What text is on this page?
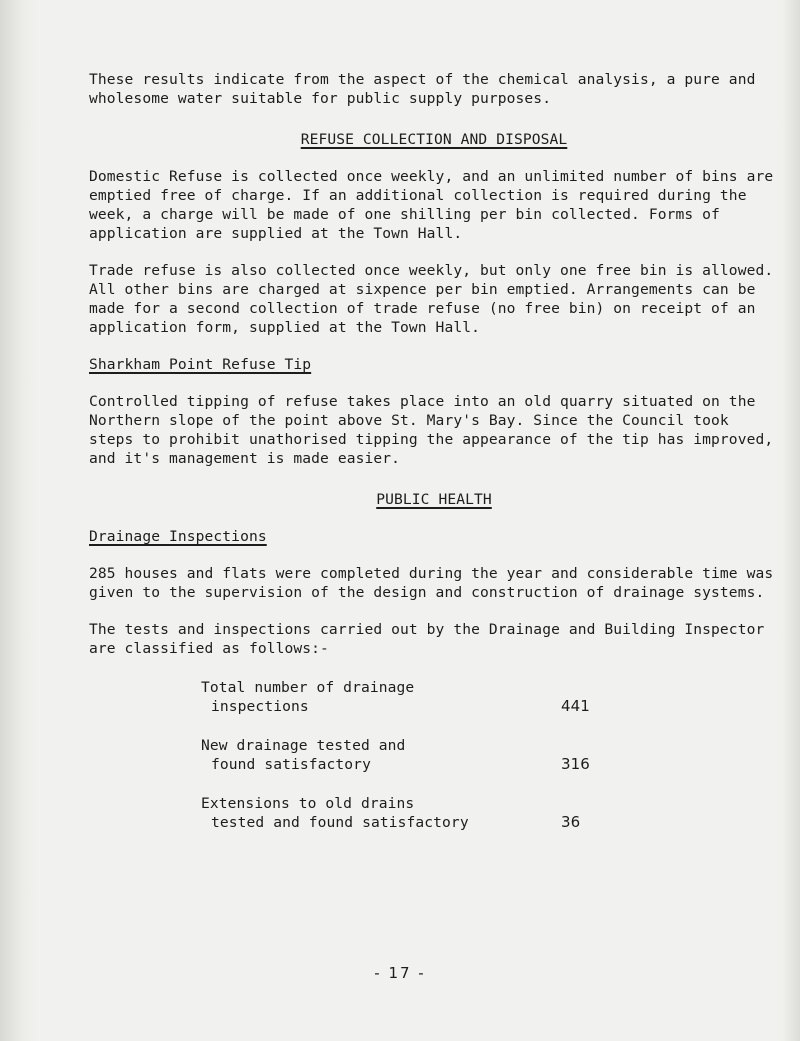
These results indicate from the aspect of the chemical analysis, a pure and wholesome water suitable for public supply purposes.

REFUSE COLLECTION AND DISPOSAL

Domestic Refuse is collected once weekly, and an unlimited number of bins are emptied free of charge. If an additional collection is required during the week, a charge will be made of one shilling per bin collected. Forms of application are supplied at the Town Hall.

Trade refuse is also collected once weekly, but only one free bin is allowed. All other bins are charged at sixpence per bin emptied. Arrangements can be made for a second collection of trade refuse (no free bin) on receipt of an application form, supplied at the Town Hall.

Sharkham Point Refuse Tip

Controlled tipping of refuse takes place into an old quarry situated on the Northern slope of the point above St. Mary's Bay. Since the Council took steps to prohibit unathorised tipping the appearance of the tip has improved, and it's management is made easier.

PUBLIC HEALTH
Drainage Inspections

285 houses and flats were completed during the year and considerable time was given to the supervision of the design and construction of drainage systems.

The tests and inspections carried out by the Drainage and Building Inspector are classified as follows:-

Total number of drainage
inspections	441
New drainage tested and
found satisfactory	316
Extensions to old drains
tested and found satisfactory	36
- 17 -
